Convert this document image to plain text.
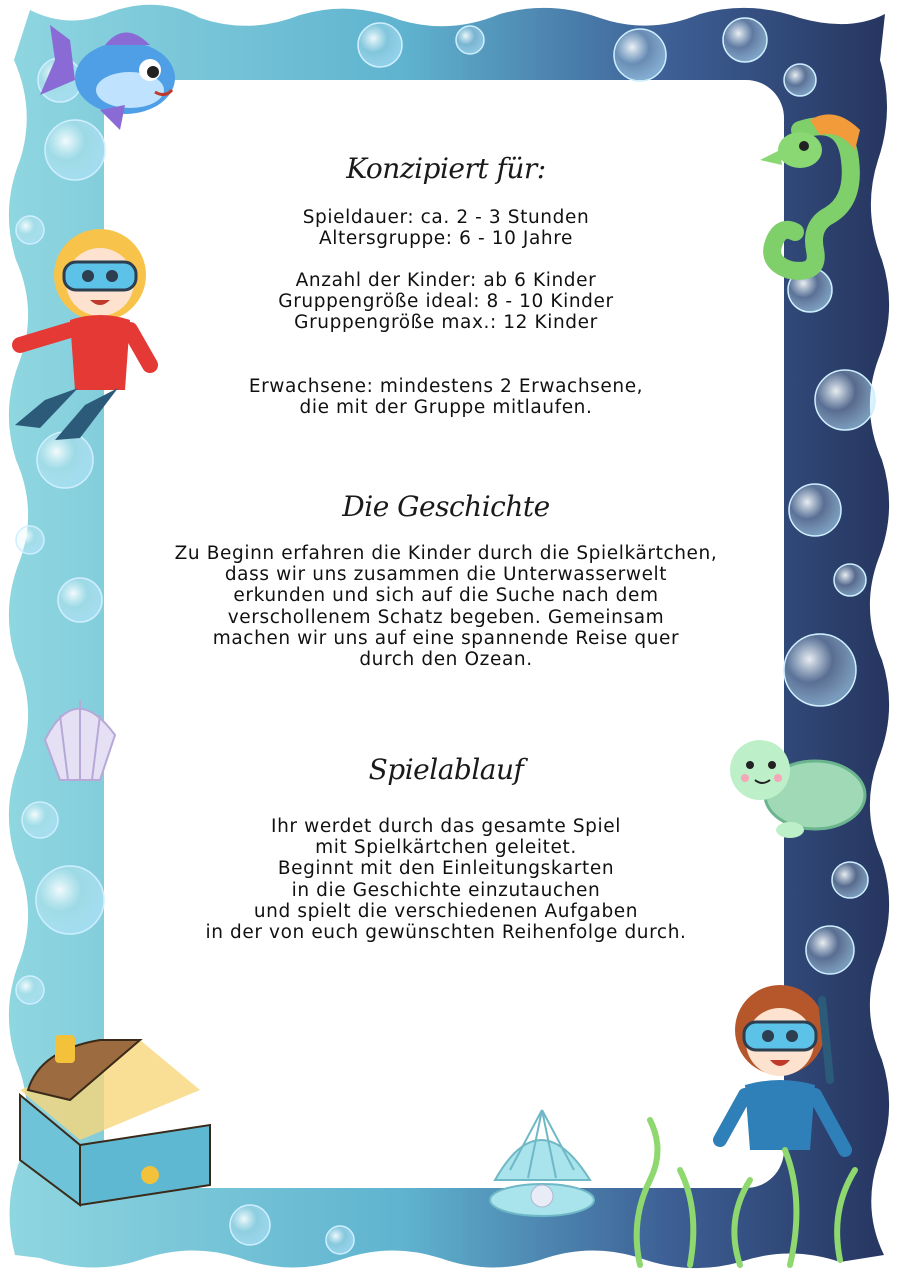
Konzipiert für:
Spieldauer: ca. 2 - 3 Stunden
Altersgruppe: 6 - 10 Jahre
Anzahl der Kinder: ab 6 Kinder
Gruppengröße ideal: 8 - 10 Kinder
Gruppengröße max.: 12 Kinder
Erwachsene: mindestens 2 Erwachsene,
die mit der Gruppe mitlaufen.
Die Geschichte
Zu Beginn erfahren die Kinder durch die Spielkärtchen,
dass wir uns zusammen die Unterwasserwelt
erkunden und sich auf die Suche nach dem
verschollenem Schatz begeben. Gemeinsam
machen wir uns auf eine spannende Reise quer
durch den Ozean.
Spielablauf
Ihr werdet durch das gesamte Spiel
mit Spielkärtchen geleitet.
Beginnt mit den Einleitungskarten
in die Geschichte einzutauchen
und spielt die verschiedenen Aufgaben
in der von euch gewünschten Reihenfolge durch.
